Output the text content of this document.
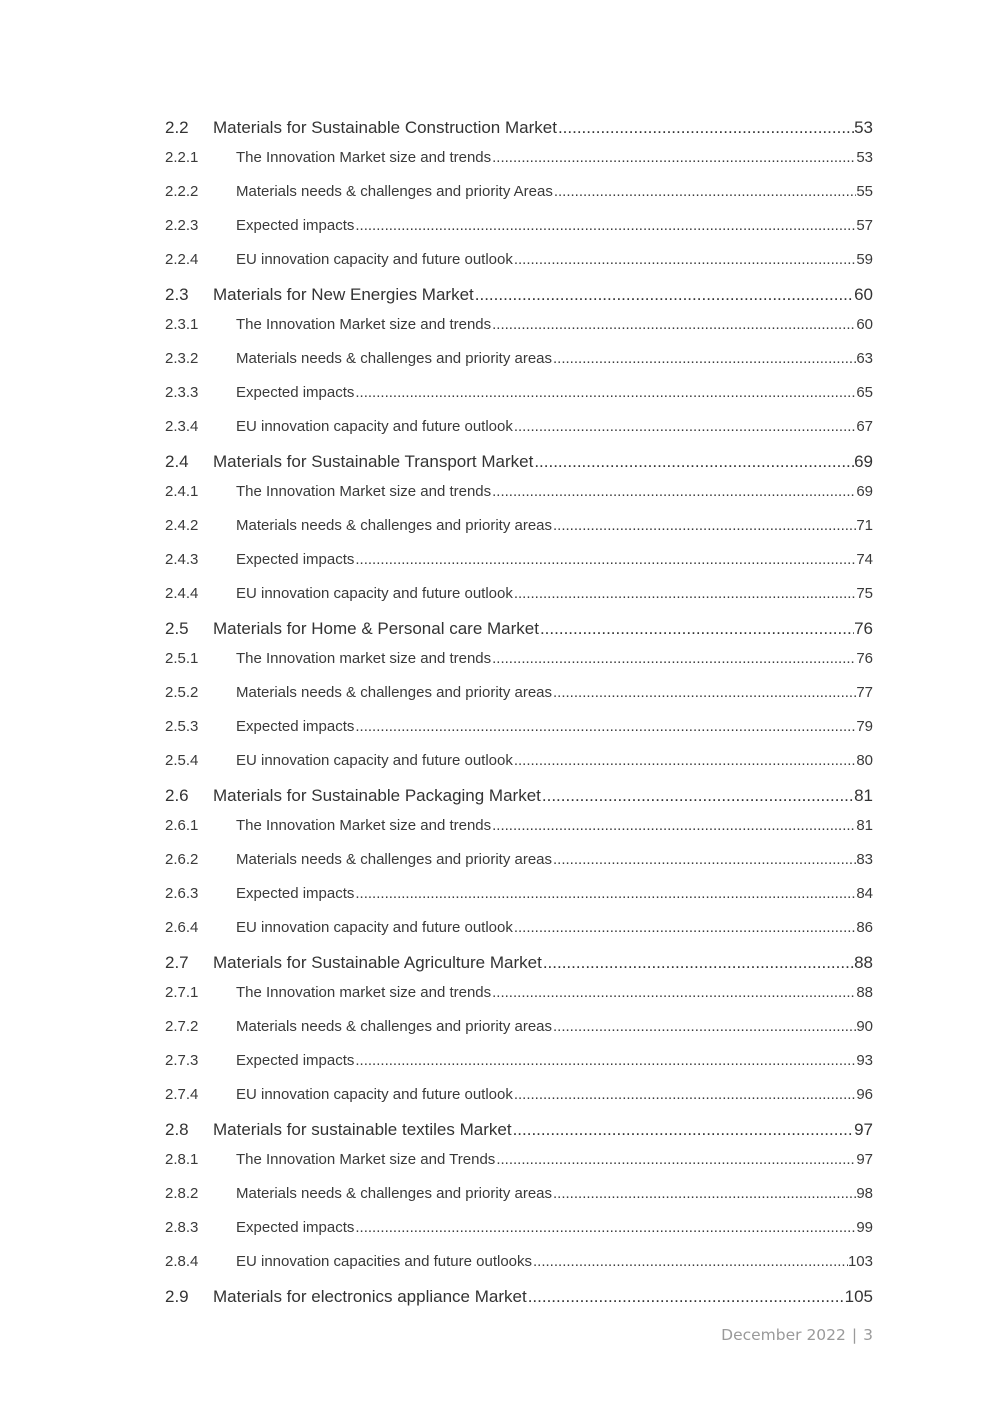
2.2	Materials for Sustainable Construction Market .....	53
2.2.1	The Innovation Market size and trends .....	53
2.2.2	Materials needs & challenges and priority Areas .....	55
2.2.3	Expected impacts .....	57
2.2.4	EU innovation capacity and future outlook .....	59
2.3	Materials for New Energies Market .....	60
2.3.1	The Innovation Market size and trends .....	60
2.3.2	Materials needs & challenges and priority areas .....	63
2.3.3	Expected impacts .....	65
2.3.4	EU innovation capacity and future outlook .....	67
2.4	Materials for Sustainable Transport Market .....	69
2.4.1	The Innovation Market size and trends .....	69
2.4.2	Materials needs & challenges and priority areas .....	71
2.4.3	Expected impacts .....	74
2.4.4	EU innovation capacity and future outlook .....	75
2.5	Materials for Home & Personal care Market .....	76
2.5.1	The Innovation market size and trends .....	76
2.5.2	Materials needs & challenges and priority areas .....	77
2.5.3	Expected impacts .....	79
2.5.4	EU innovation capacity and future outlook .....	80
2.6	Materials for Sustainable Packaging Market .....	81
2.6.1	The Innovation Market size and trends .....	81
2.6.2	Materials needs & challenges and priority areas .....	83
2.6.3	Expected impacts .....	84
2.6.4	EU innovation capacity and future outlook .....	86
2.7	Materials for Sustainable Agriculture Market .....	88
2.7.1	The Innovation market size and trends .....	88
2.7.2	Materials needs & challenges and priority areas .....	90
2.7.3	Expected impacts .....	93
2.7.4	EU innovation capacity and future outlook .....	96
2.8	Materials for sustainable textiles Market .....	97
2.8.1	The Innovation Market size and Trends .....	97
2.8.2	Materials needs & challenges and priority areas .....	98
2.8.3	Expected impacts .....	99
2.8.4	EU innovation capacities and future outlooks .....	103
2.9	Materials for electronics appliance Market .....	105
December 2022 | 3
